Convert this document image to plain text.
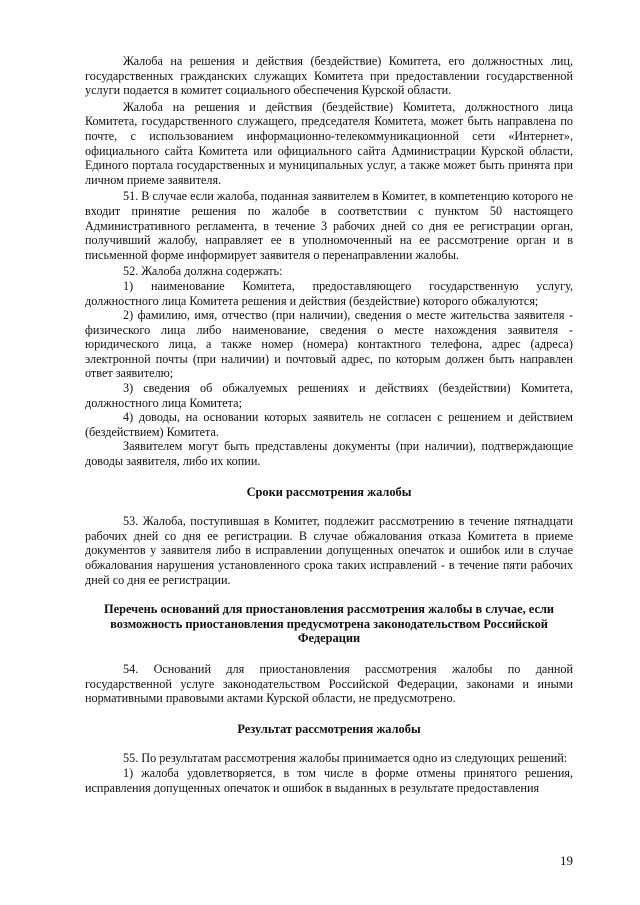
Жалоба на решения и действия (бездействие) Комитета, его должностных лиц, государственных гражданских служащих Комитета при предоставлении государственной услуги подается в комитет социального обеспечения Курской области.

Жалоба на решения и действия (бездействие) Комитета, должностного лица Комитета, государственного служащего, председателя Комитета, может быть направлена по почте, с использованием информационно-телекоммуникационной сети «Интернет», официального сайта Комитета или официального сайта Администрации Курской области, Единого портала государственных и муниципальных услуг, а также может быть принята при личном приеме заявителя.

51. В случае если жалоба, поданная заявителем в Комитет, в компетенцию которого не входит принятие решения по жалобе в соответствии с пунктом 50 настоящего Административного регламента, в течение 3 рабочих дней со дня ее регистрации орган, получивший жалобу, направляет ее в уполномоченный на ее рассмотрение орган и в письменной форме информирует заявителя о перенаправлении жалобы.

52. Жалоба должна содержать:

1) наименование Комитета, предоставляющего государственную услугу, должностного лица Комитета решения и действия (бездействие) которого обжалуются;

2) фамилию, имя, отчество (при наличии), сведения о месте жительства заявителя - физического лица либо наименование, сведения о месте нахождения заявителя - юридического лица, а также номер (номера) контактного телефона, адрес (адреса) электронной почты (при наличии) и почтовый адрес, по которым должен быть направлен ответ заявителю;

3) сведения об обжалуемых решениях и действиях (бездействии) Комитета, должностного лица Комитета;

4) доводы, на основании которых заявитель не согласен с решением и действием (бездействием) Комитета.

Заявителем могут быть представлены документы (при наличии), подтверждающие доводы заявителя, либо их копии.

Сроки рассмотрения жалобы

53. Жалоба, поступившая в Комитет, подлежит рассмотрению в течение пятнадцати рабочих дней со дня ее регистрации. В случае обжалования отказа Комитета в приеме документов у заявителя либо в исправлении допущенных опечаток и ошибок или в случае обжалования нарушения установленного срока таких исправлений - в течение пяти рабочих дней со дня ее регистрации.

Перечень оснований для приостановления рассмотрения жалобы в случае, если возможность приостановления предусмотрена законодательством Российской Федерации

54. Оснований для приостановления рассмотрения жалобы по данной государственной услуге законодательством Российской Федерации, законами и иными нормативными правовыми актами Курской области, не предусмотрено.

Результат рассмотрения жалобы

55. По результатам рассмотрения жалобы принимается одно из следующих решений:

1) жалоба удовлетворяется, в том числе в форме отмены принятого решения, исправления допущенных опечаток и ошибок в выданных в результате предоставления

19
